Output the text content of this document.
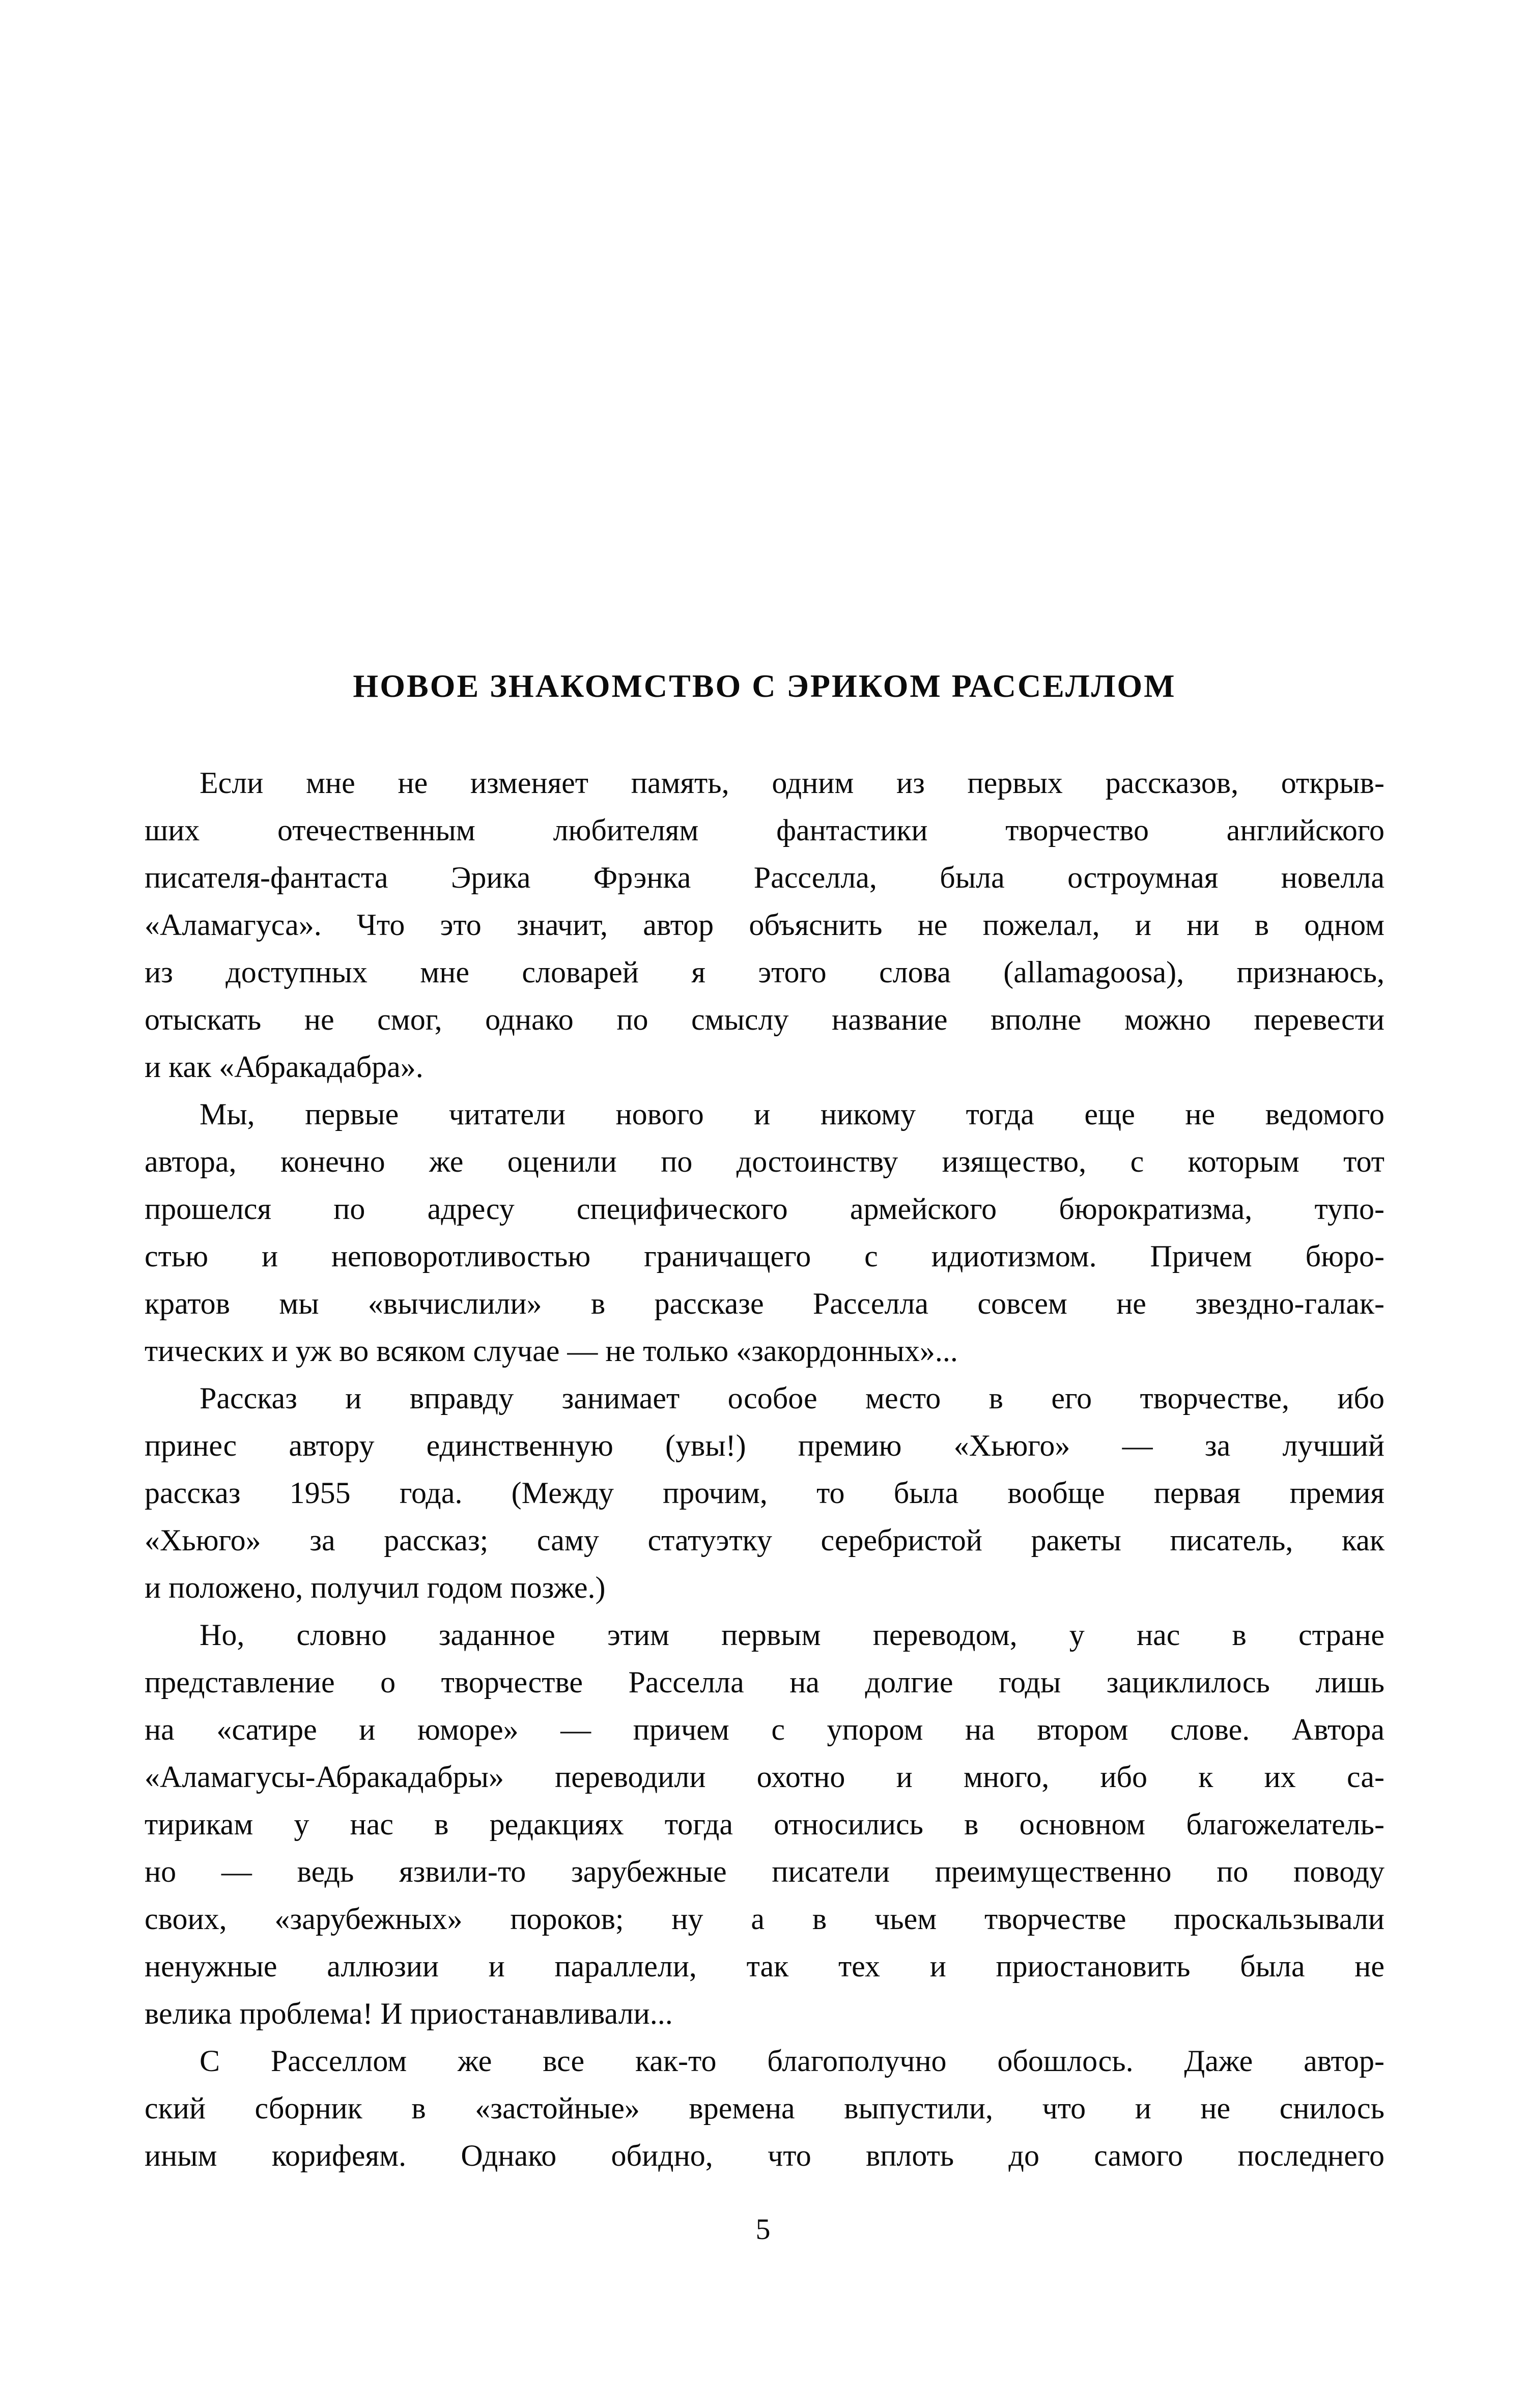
НОВОЕ ЗНАКОМСТВО С ЭРИКОМ РАССЕЛЛОМ
Если мне не изменяет память, одним из первых рассказов, открыв-
ших отечественным любителям фантастики творчество английского
писателя-фантаста Эрика Фрэнка Расселла, была остроумная новелла
«Аламагуса». Что это значит, автор объяснить не пожелал, и ни в одном
из доступных мне словарей я этого слова (allamagoosa), признаюсь,
отыскать не смог, однако по смыслу название вполне можно перевести
и как «Абракадабра».
Мы, первые читатели нового и никому тогда еще не ведомого
автора, конечно же оценили по достоинству изящество, с которым тот
прошелся по адресу специфического армейского бюрократизма, тупо-
стью и неповоротливостью граничащего с идиотизмом. Причем бюро-
кратов мы «вычислили» в рассказе Расселла совсем не звездно-галак-
тических и уж во всяком случае — не только «закордонных»...
Рассказ и вправду занимает особое место в его творчестве, ибо
принес автору единственную (увы!) премию «Хьюго» — за лучший
рассказ 1955 года. (Между прочим, то была вообще первая премия
«Хьюго» за рассказ; саму статуэтку серебристой ракеты писатель, как
и положено, получил годом позже.)
Но, словно заданное этим первым переводом, у нас в стране
представление о творчестве Расселла на долгие годы зациклилось лишь
на «сатире и юморе» — причем с упором на втором слове. Автора
«Аламагусы-Абракадабры» переводили охотно и много, ибо к их са-
тирикам у нас в редакциях тогда относились в основном благожелатель-
но — ведь язвили-то зарубежные писатели преимущественно по поводу
своих, «зарубежных» пороков; ну а в чьем творчестве проскальзывали
ненужные аллюзии и параллели, так тех и приостановить была не
велика проблема! И приостанавливали...
С Расселлом же все как-то благополучно обошлось. Даже автор-
ский сборник в «застойные» времена выпустили, что и не снилось
иным корифеям. Однако обидно, что вплоть до самого последнего
5
